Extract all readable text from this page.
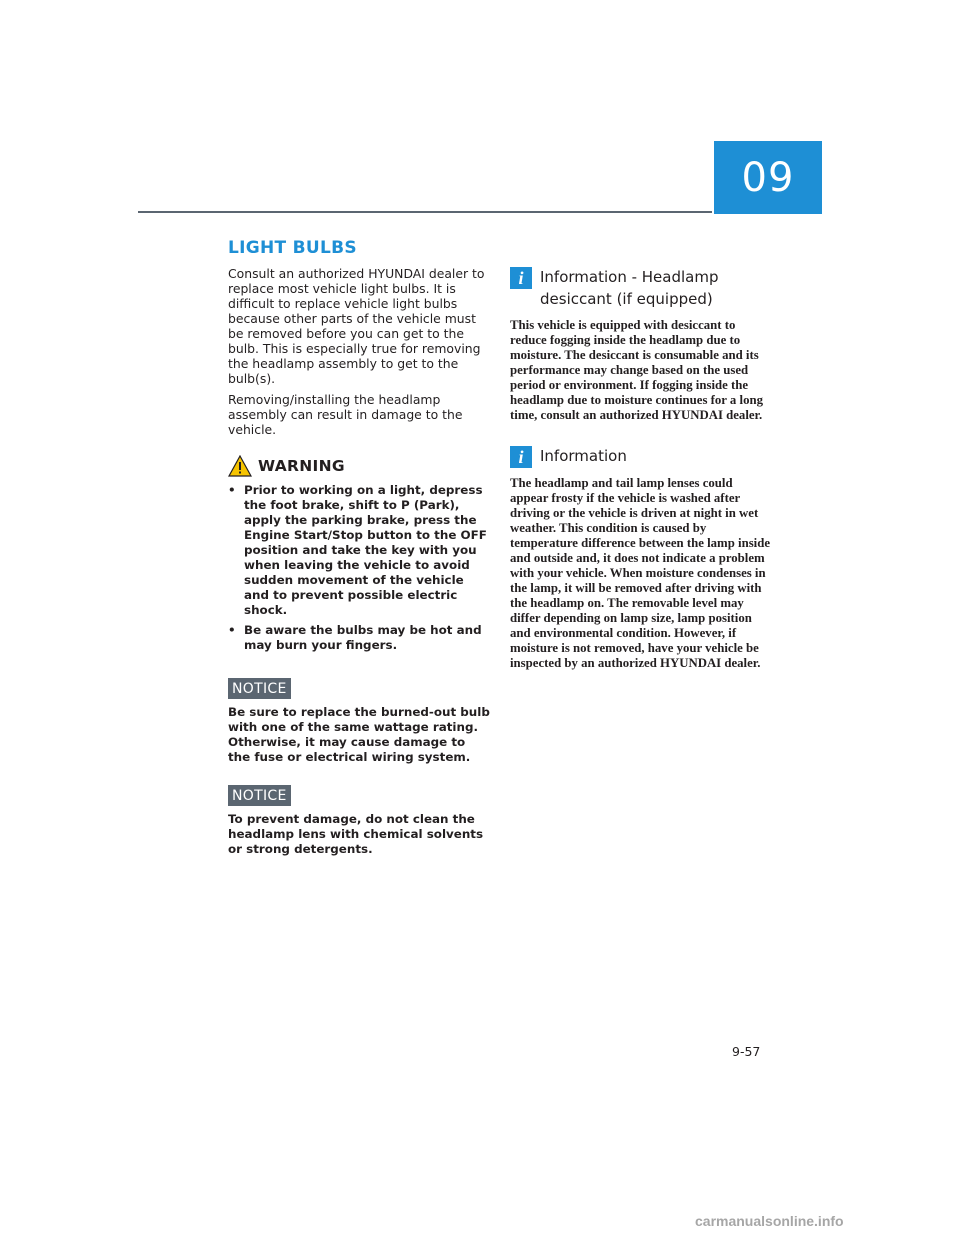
09
LIGHT BULBS

Consult an authorized HYUNDAI dealer to replace most vehicle light bulbs. It is difficult to replace vehicle light bulbs because other parts of the vehicle must be removed before you can get to the bulb. This is especially true for removing the headlamp assembly to get to the bulb(s).

Removing/installing the headlamp assembly can result in damage to the vehicle.

WARNING
• Prior to working on a light, depress the foot brake, shift to P (Park), apply the parking brake, press the Engine Start/Stop button to the OFF position and take the key with you when leaving the vehicle to avoid sudden movement of the vehicle and to prevent possible electric shock.
• Be aware the bulbs may be hot and may burn your fingers.
NOTICE

Be sure to replace the burned-out bulb with one of the same wattage rating. Otherwise, it may cause damage to the fuse or electrical wiring system.

NOTICE

To prevent damage, do not clean the headlamp lens with chemical solvents or strong detergents.

i	Information - Headlamp desiccant (if equipped)

This vehicle is equipped with desiccant to reduce fogging inside the headlamp due to moisture. The desiccant is consumable and its performance may change based on the used period or environment. If fogging inside the headlamp due to moisture continues for a long time, consult an authorized HYUNDAI dealer.

i	Information

The headlamp and tail lamp lenses could appear frosty if the vehicle is washed after driving or the vehicle is driven at night in wet weather. This condition is caused by temperature difference between the lamp inside and outside and, it does not indicate a problem with your vehicle. When moisture condenses in the lamp, it will be removed after driving with the headlamp on. The removable level may differ depending on lamp size, lamp position and environmental condition. However, if moisture is not removed, have your vehicle be inspected by an authorized HYUNDAI dealer.

9-57
carmanualsonline.info
